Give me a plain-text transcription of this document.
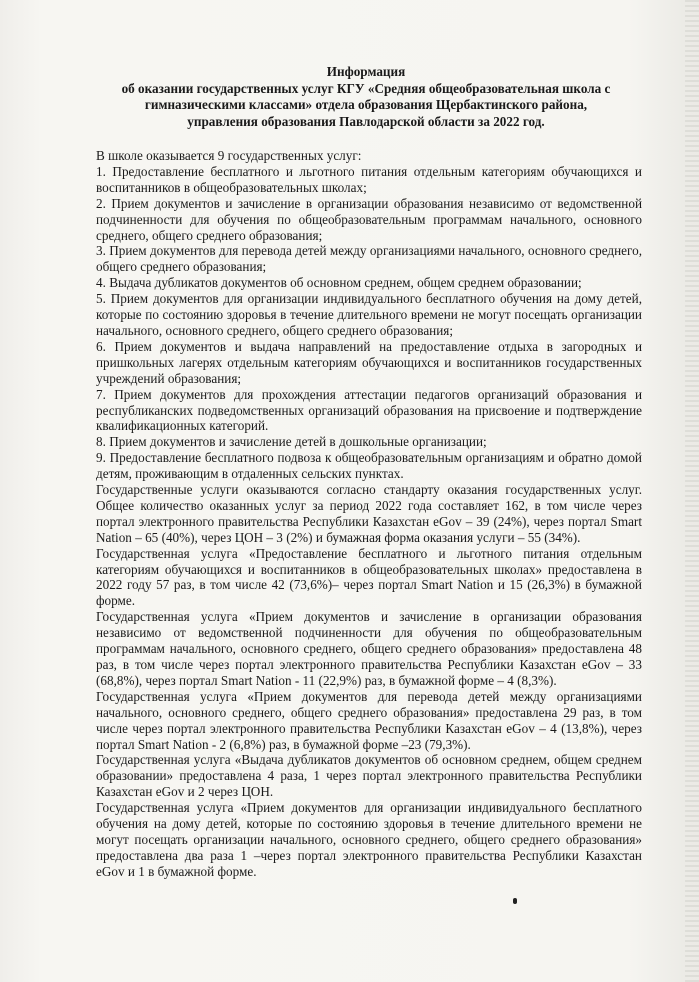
Информация
об оказании государственных услуг КГУ «Средняя общеобразовательная школа с
гимназическими классами» отдела образования Щербактинского района,
управления образования Павлодарской области за 2022 год.

В школе оказывается 9 государственных услуг:

1. Предоставление бесплатного и льготного питания отдельным категориям обучающихся и воспитанников в общеобразовательных школах;

2. Прием документов и зачисление в организации образования независимо от ведомственной подчиненности для обучения по общеобразовательным программам начального, основного среднего, общего среднего образования;

3. Прием документов для перевода детей между организациями начального, основного среднего, общего среднего образования;

4. Выдача дубликатов документов об основном среднем, общем среднем образовании;

5. Прием документов для организации индивидуального бесплатного обучения на дому детей, которые по состоянию здоровья в течение длительного времени не могут посещать организации начального, основного среднего, общего среднего образования;

6. Прием документов и выдача направлений на предоставление отдыха в загородных и пришкольных лагерях отдельным категориям обучающихся и воспитанников государственных учреждений образования;

7. Прием документов для прохождения аттестации педагогов организаций образования и республиканских подведомственных организаций образования на присвоение и подтверждение квалификационных категорий.

8. Прием документов и зачисление детей в дошкольные организации;

9. Предоставление бесплатного подвоза к общеобразовательным организациям и обратно домой детям, проживающим в отдаленных сельских пунктах.

Государственные услуги оказываются согласно стандарту оказания государственных услуг. Общее количество оказанных услуг за период 2022 года составляет 162, в том числе через портал электронного правительства Республики Казахстан eGov – 39 (24%), через портал Smart Nation – 65 (40%), через ЦОН – 3 (2%) и бумажная форма оказания услуги – 55 (34%).

Государственная услуга «Предоставление бесплатного и льготного питания отдельным категориям обучающихся и воспитанников в общеобразовательных школах» предоставлена в 2022 году 57 раз, в том числе 42 (73,6%)– через портал Smart Nation и 15 (26,3%) в бумажной форме.

Государственная услуга «Прием документов и зачисление в организации образования независимо от ведомственной подчиненности для обучения по общеобразовательным программам начального, основного среднего, общего среднего образования» предоставлена 48 раз, в том числе через портал электронного правительства Республики Казахстан eGov – 33 (68,8%), через портал Smart Nation - 11 (22,9%) раз, в бумажной форме – 4 (8,3%).

Государственная услуга «Прием документов для перевода детей между организациями начального, основного среднего, общего среднего образования» предоставлена 29 раз, в том числе через портал электронного правительства Республики Казахстан eGov – 4 (13,8%), через портал Smart Nation - 2 (6,8%) раз, в бумажной форме –23 (79,3%).

Государственная услуга «Выдача дубликатов документов об основном среднем, общем среднем образовании» предоставлена 4 раза, 1 через портал электронного правительства Республики Казахстан eGov и 2 через ЦОН.

Государственная услуга «Прием документов для организации индивидуального бесплатного обучения на дому детей, которые по состоянию здоровья в течение длительного времени не могут посещать организации начального, основного среднего, общего среднего образования» предоставлена два раза 1 –через портал электронного правительства Республики Казахстан eGov и 1 в бумажной форме.
